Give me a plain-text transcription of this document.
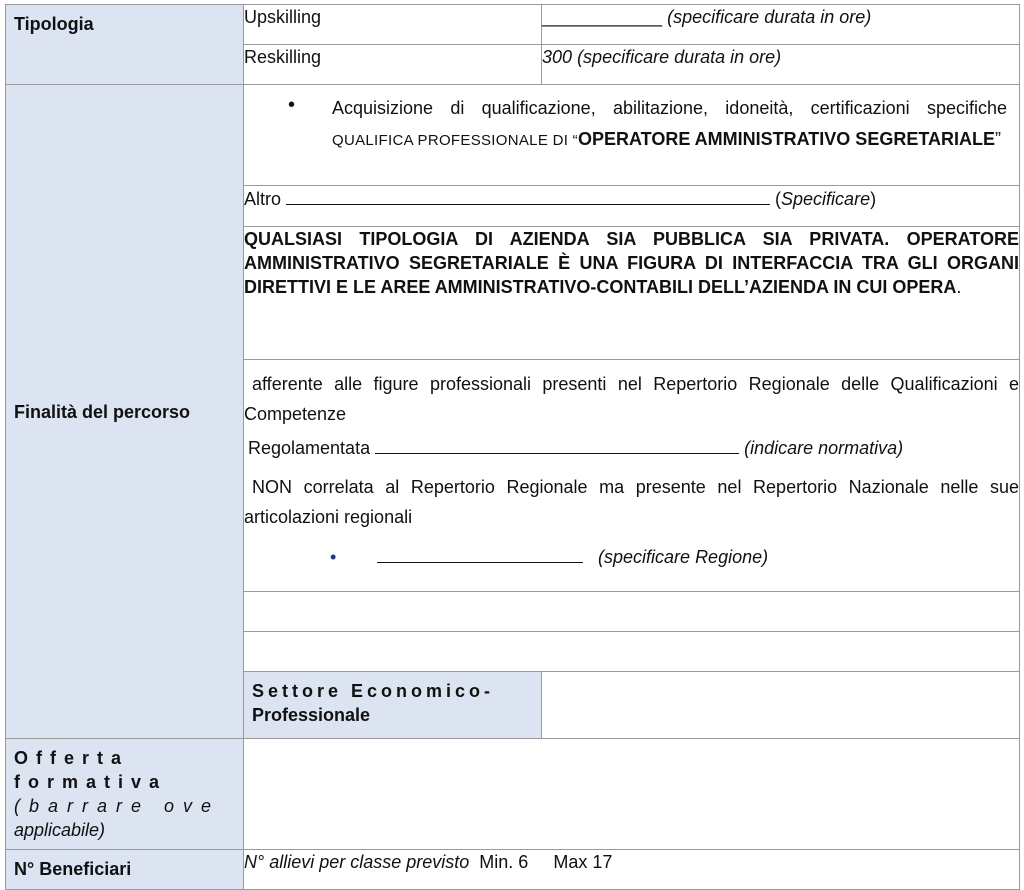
Tipologia	Upskilling	____________ (specificare durata in ore)
	Reskilling	300 (specificare durata in ore)
Finalità del percorso	• Acquisizione di qualificazione, abilitazione, idoneità, certificazioni specifiche QUALIFICA PROFESSIONALE DI “OPERATORE AMMINISTRATIVO SEGRETARIALE”	

	Altro (Specificare)	
	QUALSIASI TIPOLOGIA DI AZIENDA SIA PUBBLICA SIA PRIVATA. OPERATORE AMMINISTRATIVO SEGRETARIALE È UNA FIGURA DI INTERFACCIA TRA GLI ORGANI DIRETTIVI E LE AREE AMMINISTRATIVO-CONTABILI DELL’AZIENDA IN CUI OPERA.	

	afferente alle figure professionali presenti nel Repertorio Regionale delle Qualificazioni e Competenze
Regolamentata (indicare normativa)
NON correlata al Repertorio Regionale ma presente nel Repertorio Nazionale nelle sue articolazioni regionali
• (specificare Regione)	

	Settore Economico-
Professionale	

Offerta formativa
(barrare ove
applicabile)		

N° Beneficiari	N° allievi per classe previsto Min. 6 Max 17	
